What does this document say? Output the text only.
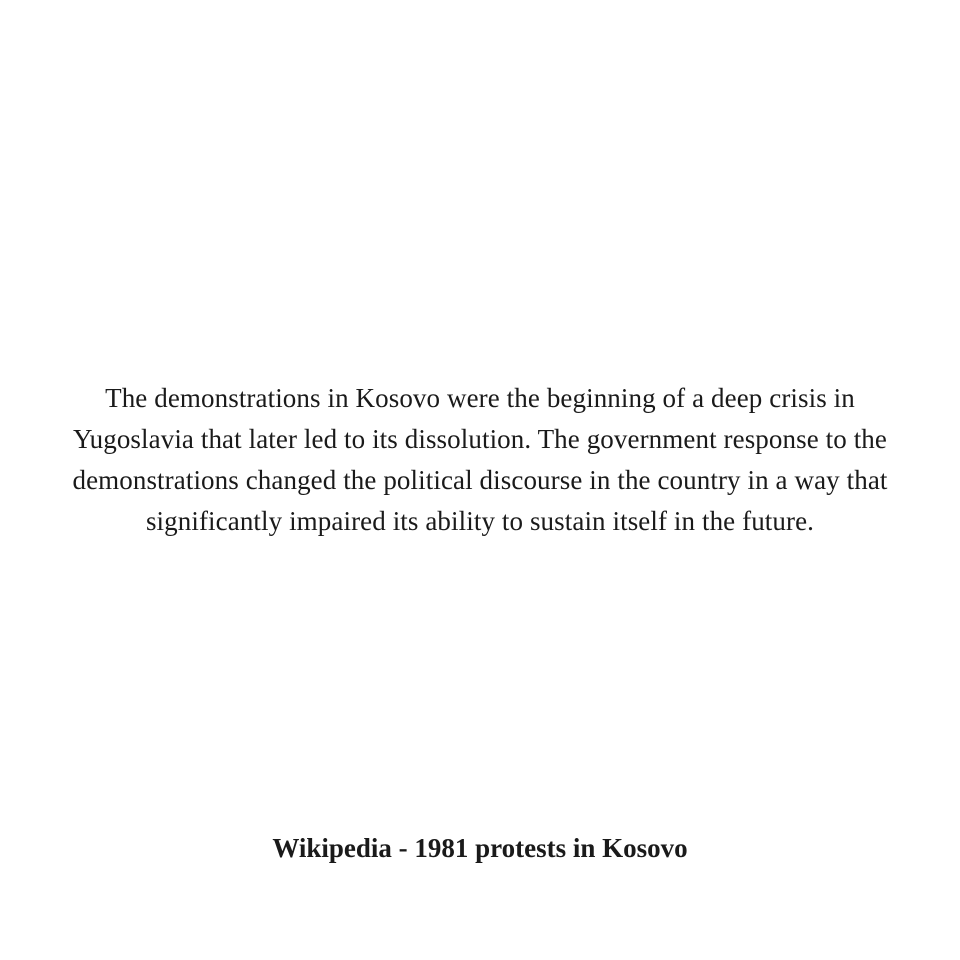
The demonstrations in Kosovo were the beginning of a deep crisis in Yugoslavia that later led to its dissolution. The government response to the demonstrations changed the political discourse in the country in a way that significantly impaired its ability to sustain itself in the future.

Wikipedia - 1981 protests in Kosovo
